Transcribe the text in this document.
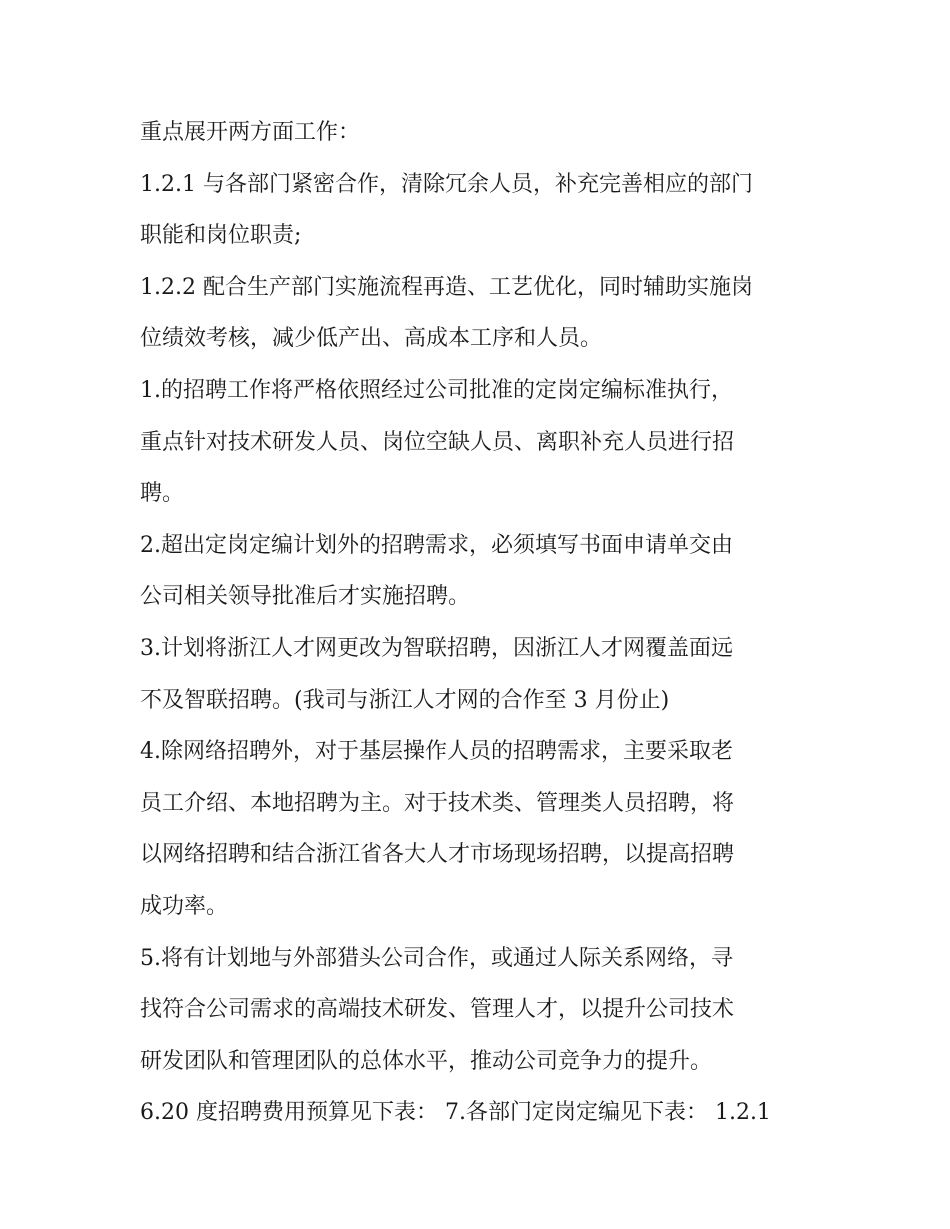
重点展开两方面工作：
1.2.1 与各部门紧密合作，清除冗余人员，补充完善相应的部门
职能和岗位职责;
1.2.2 配合生产部门实施流程再造、工艺优化，同时辅助实施岗
位绩效考核，减少低产出、高成本工序和人员。
1.的招聘工作将严格依照经过公司批准的定岗定编标准执行，
重点针对技术研发人员、岗位空缺人员、离职补充人员进行招
聘。
2.超出定岗定编计划外的招聘需求，必须填写书面申请单交由
公司相关领导批准后才实施招聘。
3.计划将浙江人才网更改为智联招聘，因浙江人才网覆盖面远
不及智联招聘。(我司与浙江人才网的合作至 3 月份止)
4.除网络招聘外，对于基层操作人员的招聘需求，主要采取老
员工介绍、本地招聘为主。对于技术类、管理类人员招聘，将
以网络招聘和结合浙江省各大人才市场现场招聘，以提高招聘
成功率。
5.将有计划地与外部猎头公司合作，或通过人际关系网络，寻
找符合公司需求的高端技术研发、管理人才，以提升公司技术
研发团队和管理团队的总体水平，推动公司竞争力的提升。
6.20 度招聘费用预算见下表： 7.各部门定岗定编见下表： 1.2.1
